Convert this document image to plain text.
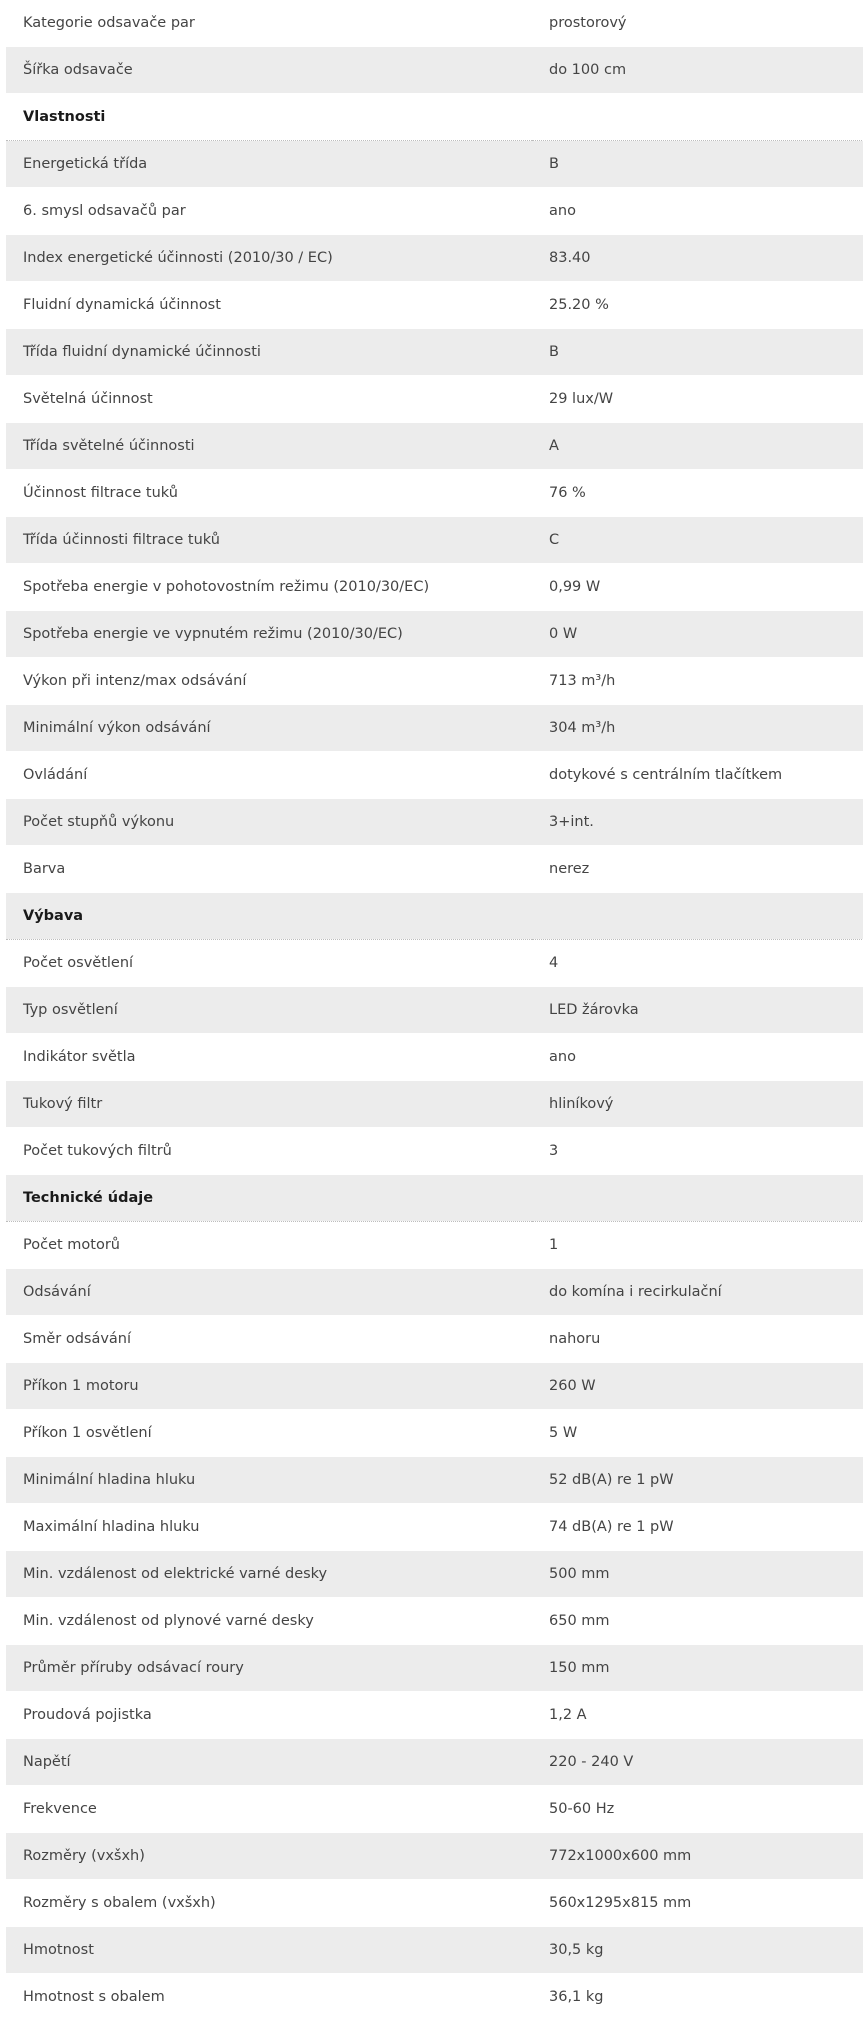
Kategorie odsavače par	prostorový
Šířka odsavače	do 100 cm
Vlastnosti	
Energetická třída	B
6. smysl odsavačů par	ano
Index energetické účinnosti (2010/30 / EC)	83.40
Fluidní dynamická účinnost	25.20 %
Třída fluidní dynamické účinnosti	B
Světelná účinnost	29 lux/W
Třída světelné účinnosti	A
Účinnost filtrace tuků	76 %
Třída účinnosti filtrace tuků	C
Spotřeba energie v pohotovostním režimu (2010/30/EC)	0,99 W
Spotřeba energie ve vypnutém režimu (2010/30/EC)	0 W
Výkon při intenz/max odsávání	713 m³/h
Minimální výkon odsávání	304 m³/h
Ovládání	dotykové s centrálním tlačítkem
Počet stupňů výkonu	3+int.
Barva	nerez
Výbava	
Počet osvětlení	4
Typ osvětlení	LED žárovka
Indikátor světla	ano
Tukový filtr	hliníkový
Počet tukových filtrů	3
Technické údaje	
Počet motorů	1
Odsávání	do komína i recirkulační
Směr odsávání	nahoru
Příkon 1 motoru	260 W
Příkon 1 osvětlení	5 W
Minimální hladina hluku	52 dB(A) re 1 pW
Maximální hladina hluku	74 dB(A) re 1 pW
Min. vzdálenost od elektrické varné desky	500 mm
Min. vzdálenost od plynové varné desky	650 mm
Průměr příruby odsávací roury	150 mm
Proudová pojistka	1,2 A
Napětí	220 - 240 V
Frekvence	50-60 Hz
Rozměry (vxšxh)	772x1000x600 mm
Rozměry s obalem (vxšxh)	560x1295x815 mm
Hmotnost	30,5 kg
Hmotnost s obalem	36,1 kg
